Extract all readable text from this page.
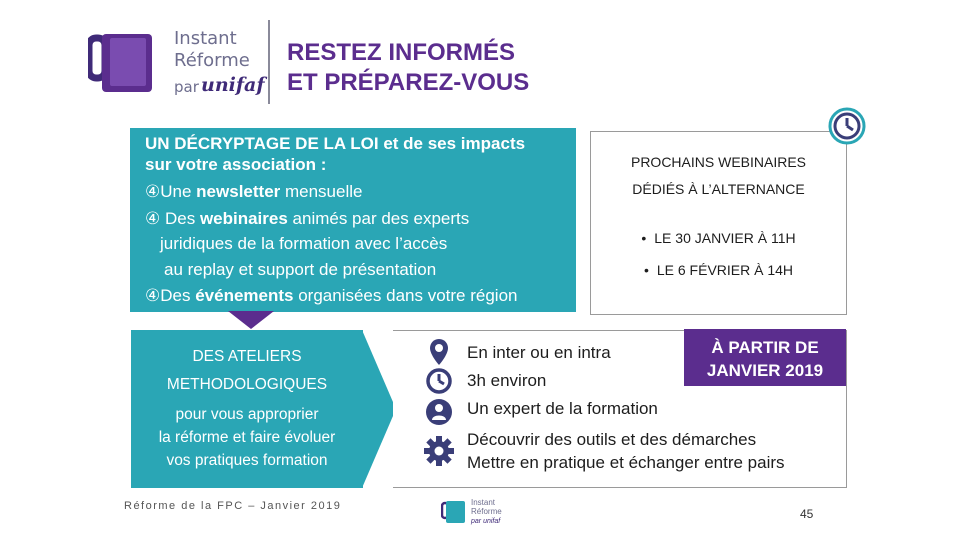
Instant
Réforme
par unifaf
RESTEZ INFORMÉS
ET PRÉPAREZ-VOUS

UN DÉCRYPTAGE DE LA LOI et de ses impacts

sur votre association :

④Une newsletter mensuelle

④ Des webinaires animés par des experts

juridiques de la formation avec l’accès

au replay et support de présentation

④Des événements organisées dans votre région

PROCHAINS WEBINAIRES
DÉDIÉS À L’ALTERNANCE
• LE 30 JANVIER À 11H
• LE 6 FÉVRIER À 14H
DES ATELIERS
METHODOLOGIQUES
pour vous approprier
la réforme et faire évoluer
vos pratiques formation
En inter ou en intra
3h environ
Un expert de la formation
Découvrir des outils et des démarches
Mettre en pratique et échanger entre pairs
À PARTIR DE
JANVIER 2019
Réforme de la FPC – Janvier 2019	Instant
Réforme
par unifaf
45
